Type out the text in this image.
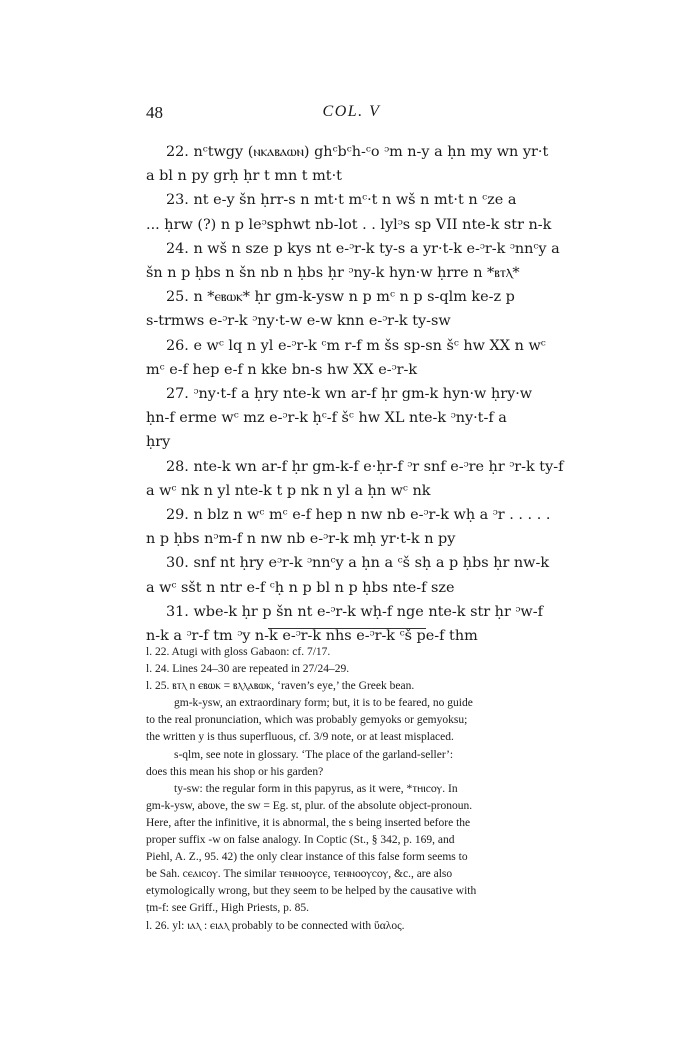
48	COL. V
22. nᶜtwgy (ⲛⲕⲁⲃⲁⲱⲛ) ghᶜbᶜh-ᶜo ᵓm n-y a ḥn my wn yr·t
a bl n py grḥ ḥr t mn t mt·t
23. nt e-y šn ḥrr-s n mt·t mᶜ·t n wš n mt·t n ᶜze a
... ḥrw (?) n p leᵓsphwt nb-lot . . lylᵓs sp VII nte-k str n-k
24. n wš n sze p kys nt e-ᵓr-k ty-s a yr·t-k e-ᵓr-k ᵓnnᶜy a
šn n p ḥbs n šn nb n ḥbs ḥr ᵓny-k hyn·w ḥrre n *ⲃⲧⲗ*
25. n *ⲉⲃⲱⲕ* ḥr gm-k-ysw n p mᶜ n p s-qlm ke-z p
s-trmws e-ᵓr-k ᵓny·t-w e-w knn e-ᵓr-k ty-sw
26. e wᶜ lq n yl e-ᵓr-k ᶜm r-f m šs sp-sn šᶜ hw XX n wᶜ
mᶜ e-f hep e-f n kke bn-s hw XX e-ᵓr-k
27. ᵓny·t-f a ḥry nte-k wn ar-f ḥr gm-k hyn·w ḥry·w
ḥn-f erme wᶜ mz e-ᵓr-k ḥᶜ-f šᶜ hw XL nte-k ᵓny·t-f a
ḥry
28. nte-k wn ar-f ḥr gm-k-f e·ḥr-f ᵓr snf e-ᵓre ḥr ᵓr-k ty-f
a wᶜ nk n yl nte-k t p nk n yl a ḥn wᶜ nk
29. n blz n wᶜ mᶜ e-f hep n nw nb e-ᵓr-k wḥ a ᵓr . . . . .
n p ḥbs nᵓm-f n nw nb e-ᵓr-k mḥ yr·t-k n py
30. snf nt ḥry eᵓr-k ᵓnnᶜy a ḥn a ᶜš sḥ a p ḥbs ḥr nw-k
a wᶜ sšt n ntr e-f ᶜḥ n p bl n p ḥbs nte-f sze
31. wbe-k ḥr p šn nt e-ᵓr-k wḥ-f nge nte-k str ḥr ᵓw-f
n-k a ᵓr-f tm ᵓy n-k e-ᵓr-k nhs e-ᵓr-k ᶜš pe-f thm
l. 22. Atugi with gloss Gabaon: cf. 7/17.
l. 24. Lines 24–30 are repeated in 27/24–29.
l. 25. ⲃⲧⲗ n ⲉⲃⲱⲕ = ⲃⲗⲗⲁⲃⲱⲕ, ‘raven’s eye,’ the Greek bean.
gm-k-ysw, an extraordinary form; but, it is to be feared, no guide
to the real pronunciation, which was probably gemyoks or gemyoksu;
the written y is thus superfluous, cf. 3/9 note, or at least misplaced.
s-qlm, see note in glossary. ‘The place of the garland-seller’:
does this mean his shop or his garden?
ty-sw: the regular form in this papyrus, as it were, *ⲧⲏⲓⲥⲟⲩ. In
gm-k-ysw, above, the sw = Eg. st, plur. of the absolute object-pronoun.
Here, after the infinitive, it is abnormal, the s being inserted before the
proper suffix -w on false analogy. In Coptic (St., § 342, p. 169, and
Piehl, A. Z., 95. 42) the only clear instance of this false form seems to
be Sah. ⲥⲉⲁⲓⲥⲟⲩ. The similar ⲧⲉⲛⲛⲟⲟⲩⲥⲉ, ⲧⲉⲛⲛⲟⲟⲩⲥⲟⲩ, &c., are also
etymologically wrong, but they seem to be helped by the causative with
ṭm-f: see Griff., High Priests, p. 85.
l. 26. yl: ⲓⲁⲗ : ⲉⲓⲁⲗ probably to be connected with ὕαλος.
